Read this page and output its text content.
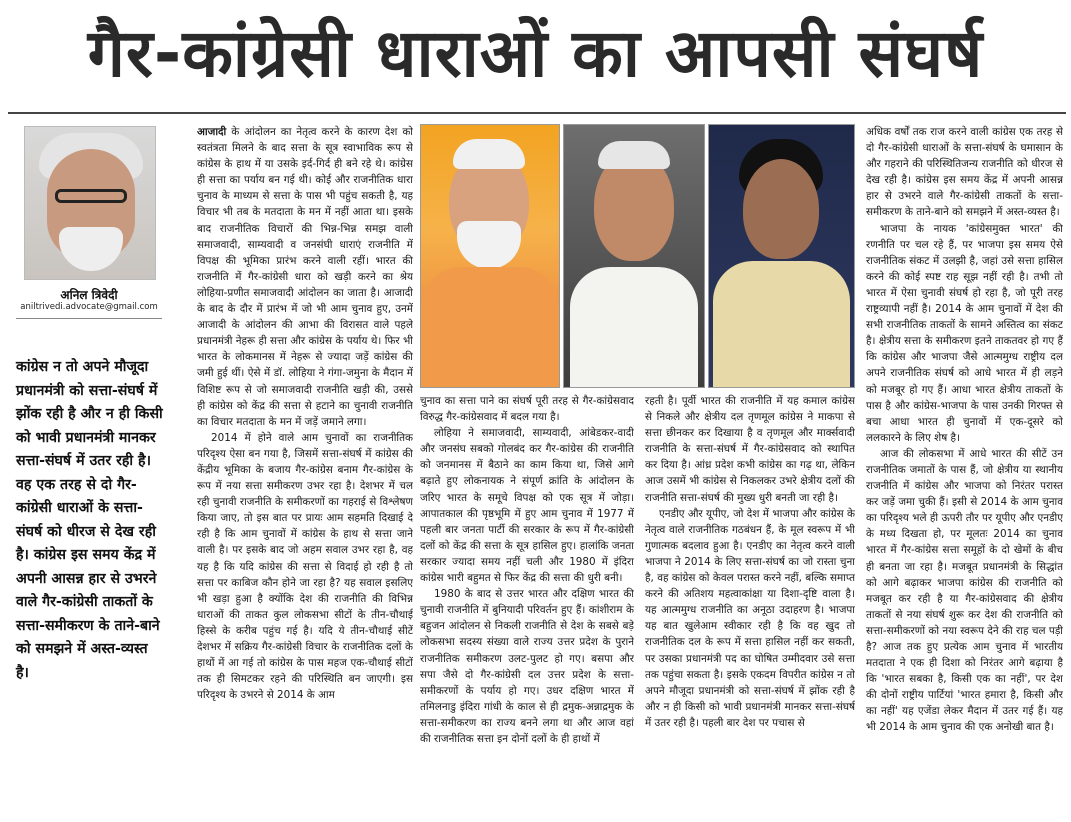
गैर-कांग्रेसी धाराओं का आपसी संघर्ष
अनिल त्रिवेदी
aniltrivedi.advocate@gmail.com
कांग्रेस न तो अपने मौजूदा प्रधानमंत्री को सत्ता-संघर्ष में झोंक रही है और न ही किसी को भावी प्रधानमंत्री मानकर सत्ता-संघर्ष में उतर रही है। वह एक तरह से दो गैर-कांग्रेसी धाराओं के सत्ता-संघर्ष को धीरज से देख रही है। कांग्रेस इस समय केंद्र में अपनी आसन्न हार से उभरने वाले गैर-कांग्रेसी ताकतों के सत्ता-समीकरण के ताने-बाने को समझने में अस्त-व्यस्त है।

आजादी के आंदोलन का नेतृत्व करने के कारण देश को स्वतंत्रता मिलने के बाद सत्ता के सूत्र स्वाभाविक रूप से कांग्रेस के हाथ में या उसके इर्द-गिर्द ही बने रहे थे। कांग्रेस ही सत्ता का पर्याय बन गई थी। कोई और राजनीतिक धारा चुनाव के माध्यम से सत्ता के पास भी पहुंच सकती है, यह विचार भी तब के मतदाता के मन में नहीं आता था। इसके बाद राजनीतिक विचारों की भिन्न-भिन्न समझ वाली समाजवादी, साम्यवादी व जनसंघी धाराएं राजनीति में विपक्ष की भूमिका प्रारंभ करने वाली रहीं। भारत की राजनीति में गैर-कांग्रेसी धारा को खड़ी करने का श्रेय लोहिया-प्रणीत समाजवादी आंदोलन का जाता है। आजादी के बाद के दौर में प्रारंभ में जो भी आम चुनाव हुए, उनमें आजादी के आंदोलन की आभा की विरासत वाले पहले प्रधानमंत्री नेहरू ही सत्ता और कांग्रेस के पर्याय थे। फिर भी भारत के लोकमानस में नेहरू से ज्यादा जड़ें कांग्रेस की जमी हुई थीं। ऐसे में डॉ. लोहिया ने गंगा-जमुना के मैदान में विशिष्ट रूप से जो समाजवादी राजनीति खड़ी की, उससे ही कांग्रेस को केंद्र की सत्ता से हटाने का चुनावी राजनीति का विचार मतदाता के मन में जड़ें जमाने लगा।

2014 में होने वाले आम चुनावों का राजनीतिक परिदृश्य ऐसा बन गया है, जिसमें सत्ता-संघर्ष में कांग्रेस की केंद्रीय भूमिका के बजाय गैर-कांग्रेस बनाम गैर-कांग्रेस के रूप में नया सत्ता समीकरण उभर रहा है। देशभर में चल रही चुनावी राजनीति के समीकरणों का गहराई से विश्लेषण किया जाए, तो इस बात पर प्रायः आम सहमति दिखाई दे रही है कि आम चुनावों में कांग्रेस के हाथ से सत्ता जाने वाली है। पर इसके बाद जो अहम सवाल उभर रहा है, वह यह है कि यदि कांग्रेस की सत्ता से विदाई हो रही है तो सत्ता पर काबिज कौन होने जा रहा है? यह सवाल इसलिए भी खड़ा हुआ है क्योंकि देश की राजनीति की विभिन्न धाराओं की ताकत कुल लोकसभा सीटों के तीन-चौथाई हिस्से के करीब पहुंच गई है। यदि ये तीन-चौथाई सीटें देशभर में सक्रिय गैर-कांग्रेसी विचार के राजनीतिक दलों के हाथों में आ गई तो कांग्रेस के पास महज एक-चौथाई सीटों तक ही सिमटकर रहने की परिस्थिति बन जाएगी। इस परिदृश्य के उभरने से 2014 के आम

चुनाव का सत्ता पाने का संघर्ष पूरी तरह से गैर-कांग्रेसवाद विरुद्ध गैर-कांग्रेसवाद में बदल गया है।

लोहिया ने समाजवादी, साम्यवादी, आंबेडकर-वादी और जनसंघ सबको गोलबंद कर गैर-कांग्रेस की राजनीति को जनमानस में बैठाने का काम किया था, जिसे आगे बढ़ाते हुए लोकनायक ने संपूर्ण क्रांति के आंदोलन के जरिए भारत के समूचे विपक्ष को एक सूत्र में जोड़ा। आपातकाल की पृष्ठभूमि में हुए आम चुनाव में 1977 में पहली बार जनता पार्टी की सरकार के रूप में गैर-कांग्रेसी दलों को केंद्र की सत्ता के सूत्र हासिल हुए। हालांकि जनता सरकार ज्यादा समय नहीं चली और 1980 में इंदिरा कांग्रेस भारी बहुमत से फिर केंद्र की सत्ता की धुरी बनी।

1980 के बाद से उत्तर भारत और दक्षिण भारत की चुनावी राजनीति में बुनियादी परिवर्तन हुए हैं। कांशीराम के बहुजन आंदोलन से निकली राजनीति से देश के सबसे बड़े लोकसभा सदस्य संख्या वाले राज्य उत्तर प्रदेश के पुराने राजनीतिक समीकरण उलट-पुलट हो गए। बसपा और सपा जैसे दो गैर-कांग्रेसी दल उत्तर प्रदेश के सत्ता-समीकरणों के पर्याय हो गए। उधर दक्षिण भारत में तमिलनाडु इंदिरा गांधी के काल से ही द्रमुक-अन्नाद्रमुक के सत्ता-समीकरण का राज्य बनने लगा था और आज वहां की राजनीतिक सत्ता इन दोनों दलों के ही हाथों में

रहती है। पूर्वी भारत की राजनीति में यह कमाल कांग्रेस से निकले और क्षेत्रीय दल तृणमूल कांग्रेस ने माकपा से सत्ता छीनकर कर दिखाया है व तृणमूल और मार्क्सवादी राजनीति के सत्ता-संघर्ष में गैर-कांग्रेसवाद को स्थापित कर दिया है। आंध्र प्रदेश कभी कांग्रेस का गढ़ था, लेकिन आज उसमें भी कांग्रेस से निकलकर उभरे क्षेत्रीय दलों की राजनीति सत्ता-संघर्ष की मुख्य धुरी बनती जा रही है।

एनडीए और यूपीए, जो देश में भाजपा और कांग्रेस के नेतृत्व वाले राजनीतिक गठबंधन हैं, के मूल स्वरूप में भी गुणात्मक बदलाव हुआ है। एनडीए का नेतृत्व करने वाली भाजपा ने 2014 के लिए सत्ता-संघर्ष का जो रास्ता चुना है, वह कांग्रेस को केवल परास्त करने नहीं, बल्कि समाप्त करने की अतिशय महत्वाकांक्षा या दिशा-दृष्टि वाला है। यह आत्ममुग्ध राजनीति का अनूठा उदाहरण है। भाजपा यह बात खुलेआम स्वीकार रही है कि वह खुद तो राजनीतिक दल के रूप में सत्ता हासिल नहीं कर सकती, पर उसका प्रधानमंत्री पद का घोषित उम्मीदवार उसे सत्ता तक पहुंचा सकता है। इसके एकदम विपरीत कांग्रेस न तो अपने मौजूदा प्रधानमंत्री को सत्ता-संघर्ष में झोंक रही है और न ही किसी को भावी प्रधानमंत्री मानकर सत्ता-संघर्ष में उतर रही है। पहली बार देश पर पचास से

अधिक वर्षों तक राज करने वाली कांग्रेस एक तरह से दो गैर-कांग्रेसी धाराओं के सत्ता-संघर्ष के घमासान के और गहराने की परिस्थितिजन्य राजनीति को धीरज से देख रही है। कांग्रेस इस समय केंद्र में अपनी आसन्न हार से उभरने वाले गैर-कांग्रेसी ताकतों के सत्ता-समीकरण के ताने-बाने को समझने में अस्त-व्यस्त है।

भाजपा के नायक 'कांग्रेसमुक्त भारत' की रणनीति पर चल रहे हैं, पर भाजपा इस समय ऐसे राजनीतिक संकट में उलझी है, जहां उसे सत्ता हासिल करने की कोई स्पष्ट राह सूझ नहीं रही है। तभी तो भारत में ऐसा चुनावी संघर्ष हो रहा है, जो पूरी तरह राष्ट्रव्यापी नहीं है। 2014 के आम चुनावों में देश की सभी राजनीतिक ताकतों के सामने अस्तित्व का संकट है। क्षेत्रीय सत्ता के समीकरण इतने ताकतवर हो गए हैं कि कांग्रेस और भाजपा जैसे आत्ममुग्ध राष्ट्रीय दल अपने राजनीतिक संघर्ष को आधे भारत में ही लड़ने को मजबूर हो गए हैं। आधा भारत क्षेत्रीय ताकतों के पास है और कांग्रेस-भाजपा के पास उनकी गिरफ्त से बचा आधा भारत ही चुनावों में एक-दूसरे को ललकारने के लिए शेष है।

आज की लोकसभा में आधे भारत की सीटें उन राजनीतिक जमातों के पास हैं, जो क्षेत्रीय या स्थानीय राजनीति में कांग्रेस और भाजपा को निरंतर परास्त कर जड़ें जमा चुकी हैं। इसी से 2014 के आम चुनाव का परिदृश्य भले ही ऊपरी तौर पर यूपीए और एनडीए के मध्य दिखता हो, पर मूलतः 2014 का चुनाव भारत में गैर-कांग्रेस सत्ता समूहों के दो खेमों के बीच ही बनता जा रहा है। मजबूत प्रधानमंत्री के सिद्धांत को आगे बढ़ाकर भाजपा कांग्रेस की राजनीति को मजबूत कर रही है या गैर-कांग्रेसवाद की क्षेत्रीय ताकतों से नया संघर्ष शुरू कर देश की राजनीति को सत्ता-समीकरणों को नया स्वरूप देने की राह चल पड़ी है? आज तक हुए प्रत्येक आम चुनाव में भारतीय मतदाता ने एक ही दिशा को निरंतर आगे बढ़ाया है कि 'भारत सबका है, किसी एक का नहीं', पर देश की दोनों राष्ट्रीय पार्टियां 'भारत हमारा है, किसी और का नहीं' यह एजेंडा लेकर मैदान में उतर गई हैं। यह भी 2014 के आम चुनाव की एक अनोखी बात है।
